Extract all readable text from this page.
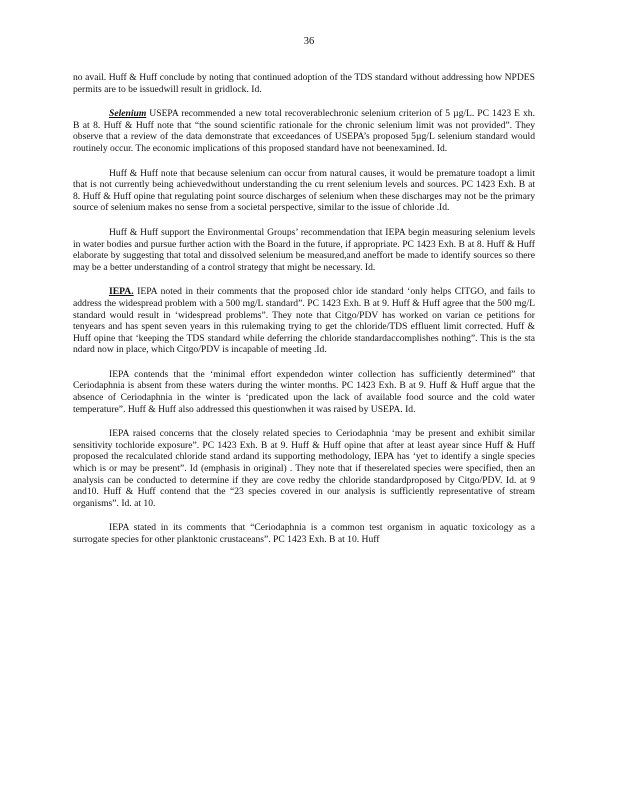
36

no avail. Huff & Huff conclude by noting that continued adoption of the TDS standard without addressing how NPDES permits are to be issuedwill result in gridlock. Id.

Selenium USEPA recommended a new total recoverablechronic selenium criterion of 5 µg/L. PC 1423 E xh. B at 8. Huff & Huff note that “the sound scientific rationale for the chronic selenium limit was not provided”. They observe that a review of the data demonstrate that exceedances of USEPA’s proposed 5µg/L selenium standard would routinely occur. The economic implications of this proposed standard have not beenexamined. Id.

Huff & Huff note that because selenium can occur from natural causes, it would be premature toadopt a limit that is not currently being achievedwithout understanding the cu rrent selenium levels and sources. PC 1423 Exh. B at 8. Huff & Huff opine that regulating point source discharges of selenium when these discharges may not be the primary source of selenium makes no sense from a societal perspective, similar to the issue of chloride .Id.

Huff & Huff support the Environmental Groups’ recommendation that IEPA begin measuring selenium levels in water bodies and pursue further action with the Board in the future, if appropriate. PC 1423 Exh. B at 8. Huff & Huff elaborate by suggesting that total and dissolved selenium be measured,and aneffort be made to identify sources so there may be a better understanding of a control strategy that might be necessary. Id.

IEPA. IEPA noted in their comments that the proposed chlor ide standard ‘only helps CITGO, and fails to address the widespread problem with a 500 mg/L standard”. PC 1423 Exh. B at 9. Huff & Huff agree that the 500 mg/L standard would result in ‘widespread problems”. They note that Citgo/PDV has worked on varian ce petitions for tenyears and has spent seven years in this rulemaking trying to get the chloride/TDS effluent limit corrected. Huff & Huff opine that ‘keeping the TDS standard while deferring the chloride standardaccomplishes nothing”. This is the sta ndard now in place, which Citgo/PDV is incapable of meeting .Id.

IEPA contends that the ‘minimal effort expendedon winter collection has sufficiently determined” that Ceriodaphnia is absent from these waters during the winter months. PC 1423 Exh. B at 9. Huff & Huff argue that the absence of Ceriodaphnia in the winter is ‘predicated upon the lack of available food source and the cold water temperature”. Huff & Huff also addressed this questionwhen it was raised by USEPA. Id.

IEPA raised concerns that the closely related species to Ceriodaphnia ‘may be present and exhibit similar sensitivity tochloride exposure”. PC 1423 Exh. B at 9. Huff & Huff opine that after at least ayear since Huff & Huff proposed the recalculated chloride stand ardand its supporting methodology, IEPA has ‘yet to identify a single species which is or may be present”. Id (emphasis in original) . They note that if theserelated species were specified, then an analysis can be conducted to determine if they are cove redby the chloride standardproposed by Citgo/PDV. Id. at 9 and10. Huff & Huff contend that the “23 species covered in our analysis is sufficiently representative of stream organisms”. Id. at 10.

IEPA stated in its comments that “Ceriodaphnia is a common test organism in aquatic toxicology as a surrogate species for other planktonic crustaceans”. PC 1423 Exh. B at 10. Huff
